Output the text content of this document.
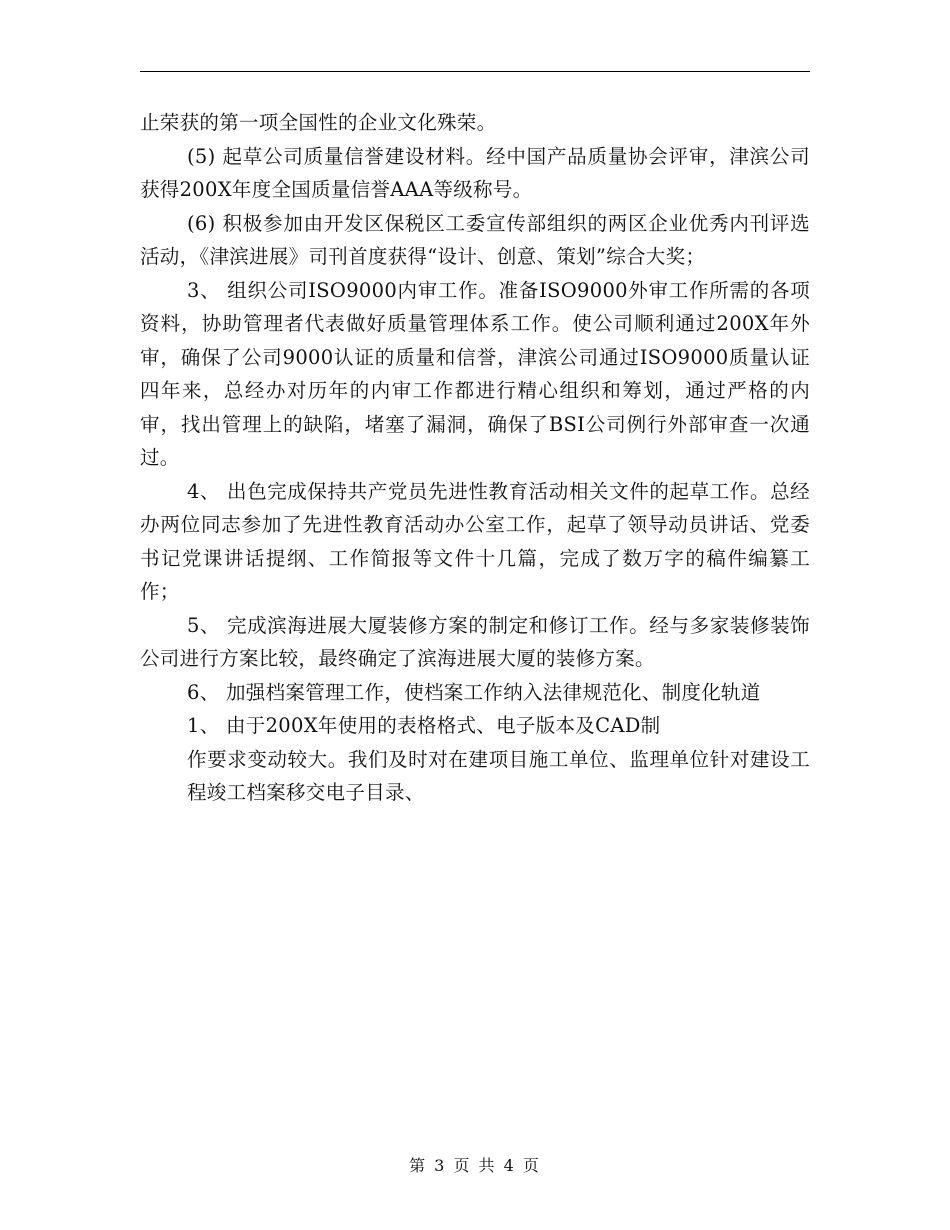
止荣获的第一项全国性的企业文化殊荣。

(5) 起草公司质量信誉建设材料。经中国产品质量协会评审，津滨公司获得200X年度全国质量信誉AAA等级称号。

(6) 积极参加由开发区保税区工委宣传部组织的两区企业优秀内刊评选活动，《津滨进展》司刊首度获得“设计、创意、策划”综合大奖；

3、 组织公司ISO9000内审工作。准备ISO9000外审工作所需的各项资料，协助管理者代表做好质量管理体系工作。使公司顺利通过200X年外审，确保了公司9000认证的质量和信誉，津滨公司通过ISO9000质量认证四年来，总经办对历年的内审工作都进行精心组织和筹划，通过严格的内审，找出管理上的缺陷，堵塞了漏洞，确保了BSI公司例行外部审查一次通过。

4、 出色完成保持共产党员先进性教育活动相关文件的起草工作。总经办两位同志参加了先进性教育活动办公室工作，起草了领导动员讲话、党委书记党课讲话提纲、工作简报等文件十几篇，完成了数万字的稿件编纂工作；

5、 完成滨海进展大厦装修方案的制定和修订工作。经与多家装修装饰公司进行方案比较，最终确定了滨海进展大厦的装修方案。

6、 加强档案管理工作，使档案工作纳入法律规范化、制度化轨道

1、 由于200X年使用的表格格式、电子版本及CAD制

作要求变动较大。我们及时对在建项目施工单位、监理单位针对建设工程竣工档案移交电子目录、

第 3 页 共 4 页
